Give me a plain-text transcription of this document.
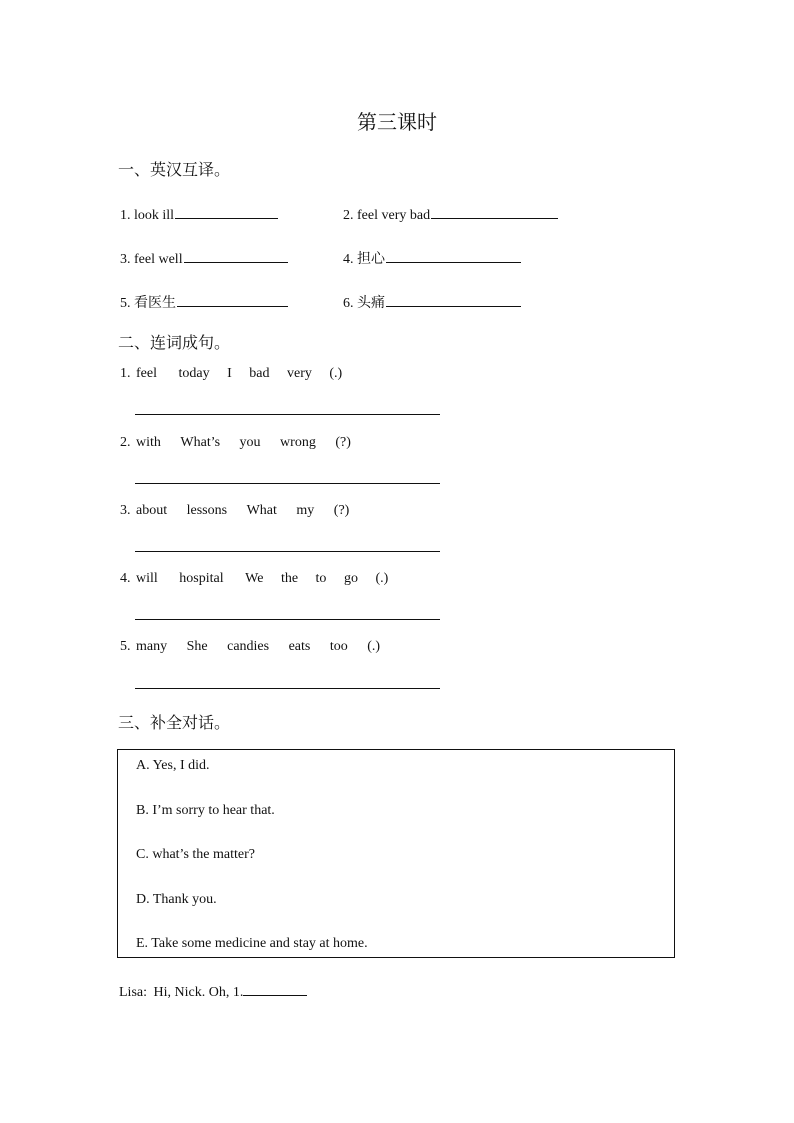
第三课时
一、英汉互译。
1. look ill	2. feel very bad
3. feel well	4. 担心
5. 看医生	6. 头痛
二、连词成句。
1. feel today I bad very (.)
2. with What’s you wrong (?)
3. about lessons What my (?)
4. will hospital We the to go (.)
5. many She candies eats too (.)
三、补全对话。
A. Yes, I did.
B. I’m sorry to hear that.
C. what’s the matter?
D. Thank you.
E. Take some medicine and stay at home.
Lisa: Hi, Nick. Oh, 1.
